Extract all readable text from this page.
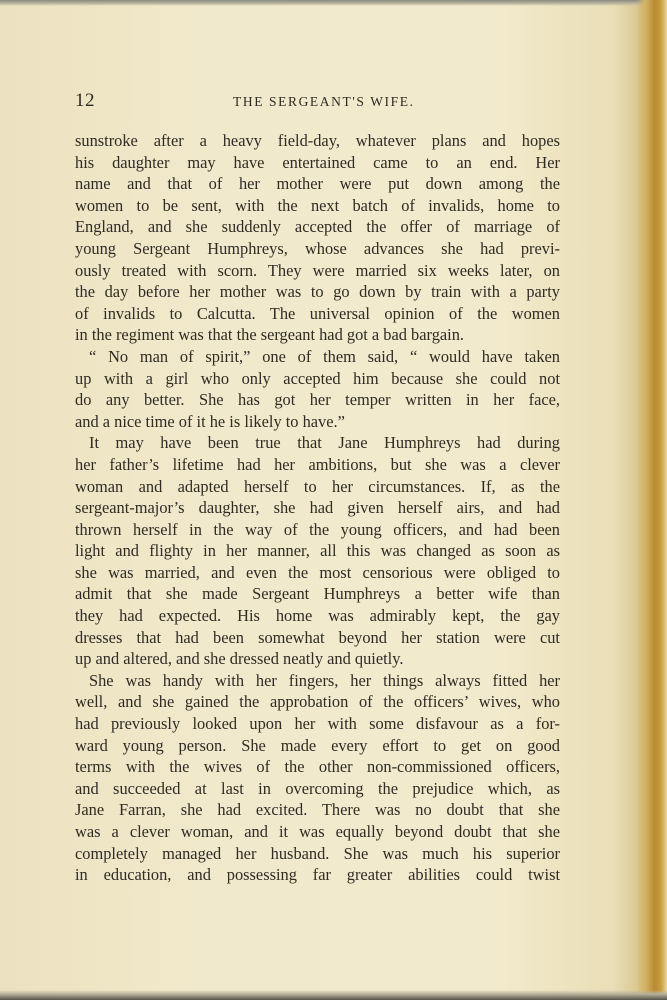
12	THE SERGEANT'S WIFE.
sunstroke after a heavy field-day, whatever plans and hopes
his daughter may have entertained came to an end. Her
name and that of her mother were put down among the
women to be sent, with the next batch of invalids, home to
England, and she suddenly accepted the offer of marriage of
young Sergeant Humphreys, whose advances she had previ-
ously treated with scorn. They were married six weeks later, on
the day before her mother was to go down by train with a party
of invalids to Calcutta. The universal opinion of the women
in the regiment was that the sergeant had got a bad bargain.
“ No man of spirit,” one of them said, “ would have taken
up with a girl who only accepted him because she could not
do any better. She has got her temper written in her face,
and a nice time of it he is likely to have.”
It may have been true that Jane Humphreys had during
her father’s lifetime had her ambitions, but she was a clever
woman and adapted herself to her circumstances. If, as the
sergeant-major’s daughter, she had given herself airs, and had
thrown herself in the way of the young officers, and had been
light and flighty in her manner, all this was changed as soon as
she was married, and even the most censorious were obliged to
admit that she made Sergeant Humphreys a better wife than
they had expected. His home was admirably kept, the gay
dresses that had been somewhat beyond her station were cut
up and altered, and she dressed neatly and quietly.
She was handy with her fingers, her things always fitted her
well, and she gained the approbation of the officers’ wives, who
had previously looked upon her with some disfavour as a for-
ward young person. She made every effort to get on good
terms with the wives of the other non-commissioned officers,
and succeeded at last in overcoming the prejudice which, as
Jane Farran, she had excited. There was no doubt that she
was a clever woman, and it was equally beyond doubt that she
completely managed her husband. She was much his superior
in education, and possessing far greater abilities could twist
